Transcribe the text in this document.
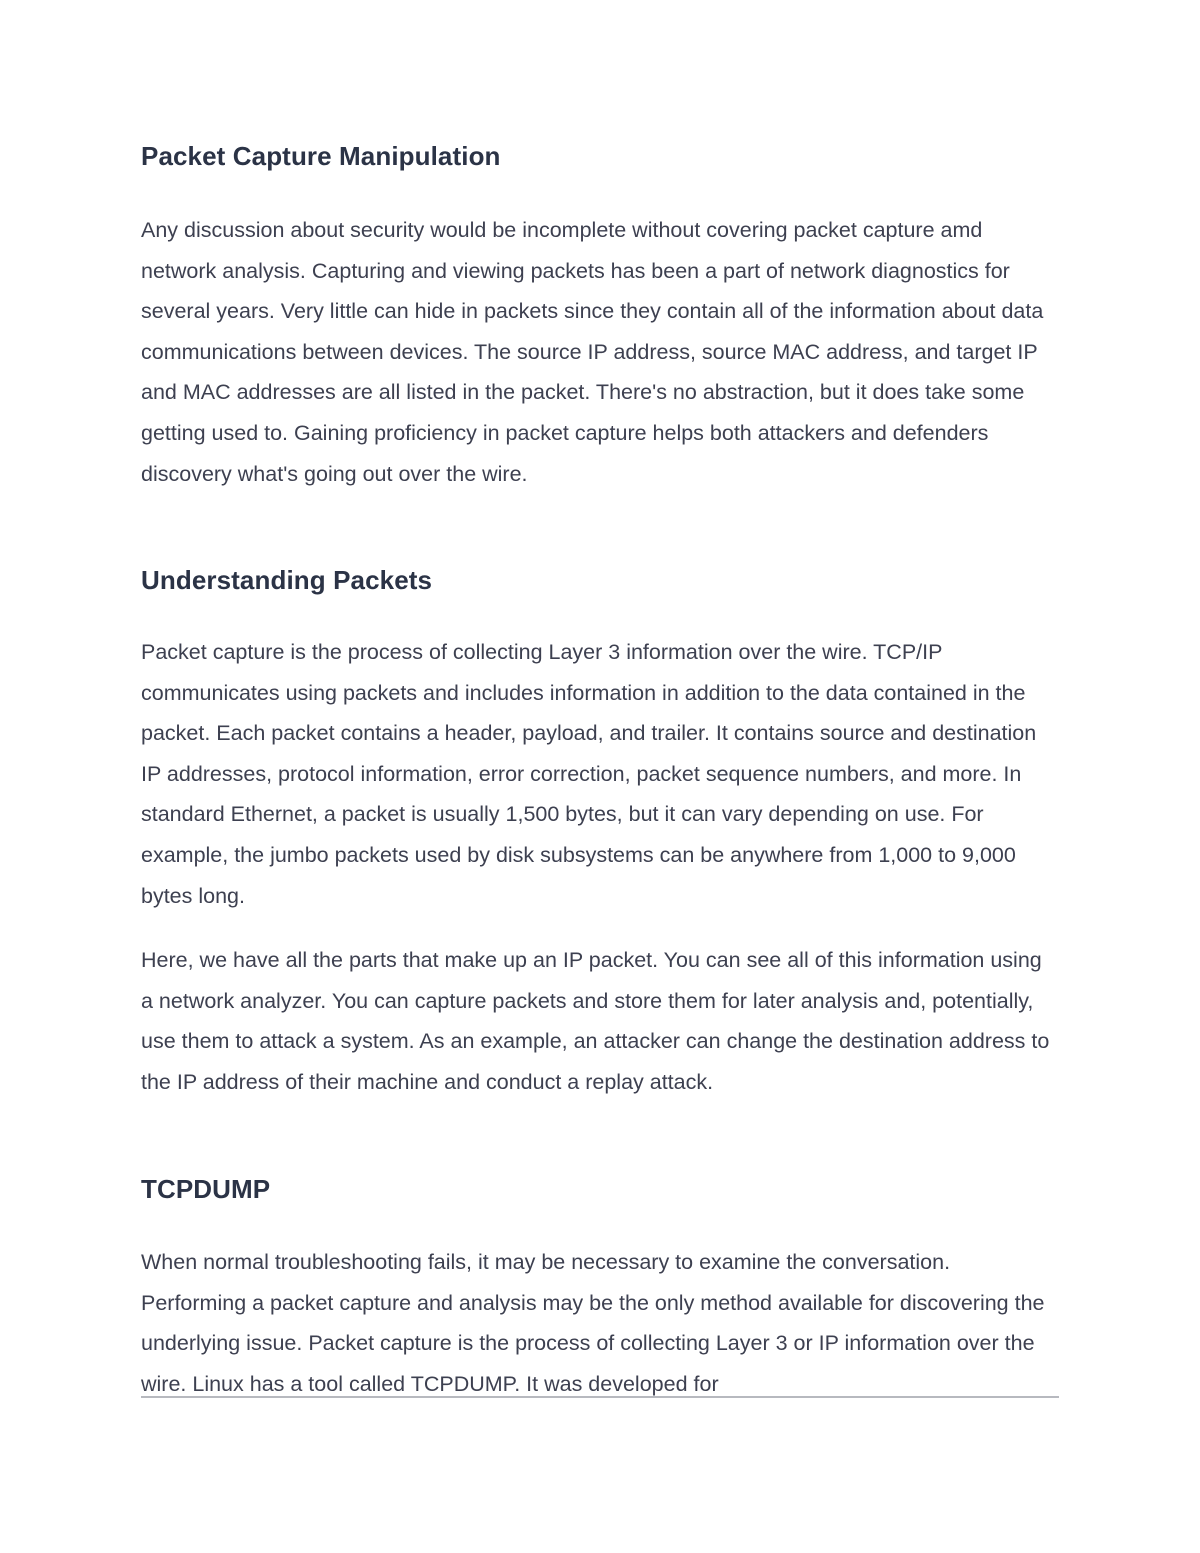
Packet Capture Manipulation

Any discussion about security would be incomplete without covering packet capture amd network analysis. Capturing and viewing packets has been a part of network diagnostics for several years. Very little can hide in packets since they contain all of the information about data communications between devices. The source IP address, source MAC address, and target IP and MAC addresses are all listed in the packet. There's no abstraction, but it does take some getting used to. Gaining proficiency in packet capture helps both attackers and defenders discovery what's going out over the wire.

Understanding Packets

Packet capture is the process of collecting Layer 3 information over the wire. TCP/IP communicates using packets and includes information in addition to the data contained in the packet. Each packet contains a header, payload, and trailer. It contains source and destination IP addresses, protocol information, error correction, packet sequence numbers, and more. In standard Ethernet, a packet is usually 1,500 bytes, but it can vary depending on use. For example, the jumbo packets used by disk subsystems can be anywhere from 1,000 to 9,000 bytes long.

Here, we have all the parts that make up an IP packet. You can see all of this information using a network analyzer. You can capture packets and store them for later analysis and, potentially, use them to attack a system. As an example, an attacker can change the destination address to the IP address of their machine and conduct a replay attack.

TCPDUMP

When normal troubleshooting fails, it may be necessary to examine the conversation. Performing a packet capture and analysis may be the only method available for discovering the underlying issue. Packet capture is the process of collecting Layer 3 or IP information over the wire. Linux has a tool called TCPDUMP. It was developed for
